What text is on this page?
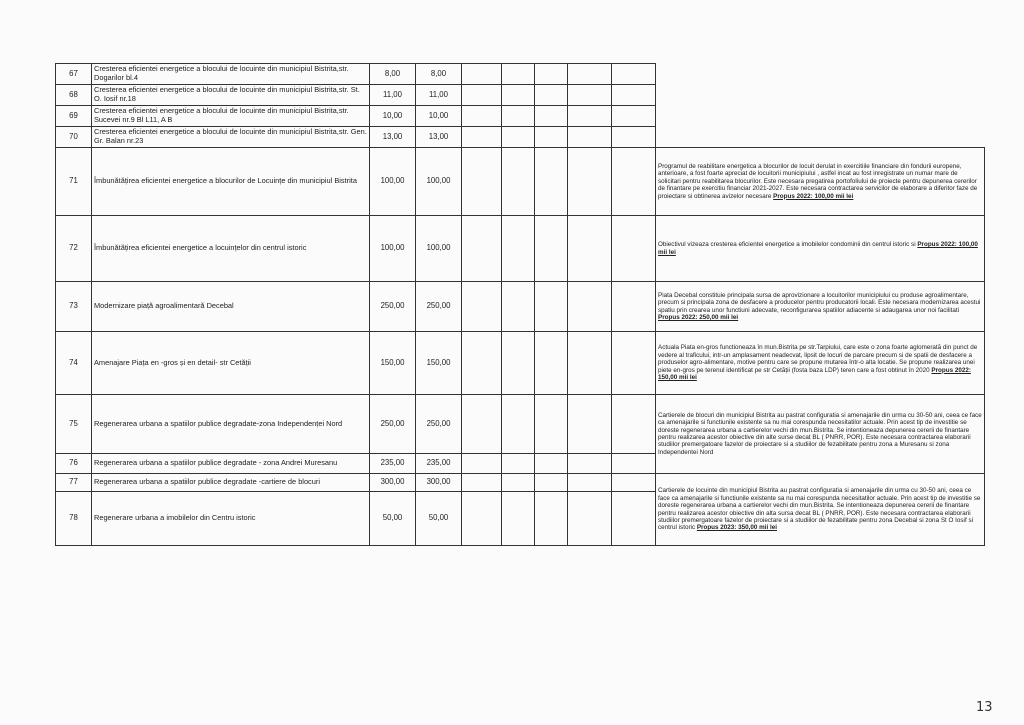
67	Cresterea eficientei energetice a blocului de locuinte din municipiul Bistrita,str. Dogarilor bl.4	8,00	8,00						
68	Cresterea eficientei energetice a blocului de locuinte din municipiul Bistrita,str. St. O. Iosif nr.18	11,00	11,00						
69	Cresterea eficientei energetice a blocului de locuinte din municipiul Bistrita,str. Sucevei nr.9 Bl L11, A B	10,00	10,00						
70	Cresterea eficientei energetice a blocului de locuinte din municipiul Bistrita,str. Gen. Gr. Balan nr.23	13,00	13,00						
71	Îmbunătățirea eficientei energetice a blocurilor de Locuințe din municipiul Bistrita	100,00	100,00						Programul de reabilitare energetica a blocurilor de locuit derulat in exercitiile financiare din fondurii europene, anterioare, a fost foarte apreciat de locuitorii municipiului , astfel incat au fost inregistrate un numar mare de solicitari pentru reabilitarea blocurilor. Este necesara pregatirea portofoliului de proiecte pentru depunerea cererilor de finantare pe exercitiu financiar 2021-2027. Este necesara contractarea servicilor de elaborare a diferitor faze de proiectare si obtinerea avizelor necesare Propus 2022: 100,00 mii lei
72	Îmbunătățirea eficientei energetice a locuințelor din centrul istoric	100,00	100,00						Obiectivul vizeaza cresterea eficientei energetice a imobilelor condominii din centrul istoric si Propus 2022: 100,00 mii lei
73	Modernizare piață agroalimentară Decebal	250,00	250,00						Piata Decebal constituie principala sursa de aprovizionare a locuitorilor municipiului cu produse agroalimentare, precum si principala zona de desfacere a producelor pentru producatorii locali. Este necesara modernizarea acestui spatiu prin crearea unor functiuni adecvate, reconfigurarea spatiilor adiacente si adaugarea unor noi facilitati Propus 2022: 250,00 mii lei
74	Amenajare Piața en -gros și en detail- str Cetății	150,00	150,00						Actuala Piata en-gros functioneaza în mun.Bistrita pe str.Tarpiului, care este o zona foarte aglomerată din punct de vedere al traficului, intr-un amplasament neadecvat, lipsit de locuri de parcare precum si de spatii de desfacere a produselor agro-alimentare, motive pentru care se propune mutarea într-o alta locatie. Se propune realizarea unei piete en-gros pe terenul identificat pe str Cetății (fosta baza LDP) teren care a fost obtinut în 2020 Propus 2022: 150,00 mii lei
75	Regenerarea urbana a spatiilor publice degradate-zona Independenței Nord	250,00	250,00						Cartierele de blocuri din municipiul Bistrita au pastrat configuratia si amenajarile din urma cu 30-50 ani, ceea ce face ca amenajarile si functiunile existente sa nu mai corespunda necesitatilor actuale. Prin acest tip de investitie se doreste regenerarea urbana a cartierelor vechi din mun.Bistrita. Se intentioneaza depunerea cererii de finantare pentru realizarea acestor obiective din alte surse decat BL ( PNRR, POR). Este necesara contractarea elaborarii studiilor premergatoare fazelor de proiectare si a studiilor de fezabilitate pentru zona a Muresanu si zona Independentei Nord
76	Regenerarea urbana a spatiilor publice degradate - zona Andrei Muresanu	235,00	235,00						
77	Regenerarea urbana a spatiilor publice degradate -cartiere de blocuri	300,00	300,00						Cartierele de locuinte din municipiul Bistrita au pastrat configuratia si amenajarile din urma cu 30-50 ani, ceea ce face ca amenajarile si functiunile existente sa nu mai corespunda necesitatilor actuale. Prin acest tip de investitie se doreste regenerarea urbana a cartierelor vechi din mun.Bistrita. Se intentioneaza depunerea cererii de finantare pentru realizarea acestor obiective din alta sursa decat BL ( PNRR, POR). Este necesara contractarea elaborarii studiilor premergatoare fazelor de proiectare si a studiilor de fezabilitate pentru zona Decebal si zona St O Iosif si centrul istoric Propus 2023: 350,00 mii lei
78	Regenerare urbana a imobilelor din Centru istoric	50,00	50,00						
13
